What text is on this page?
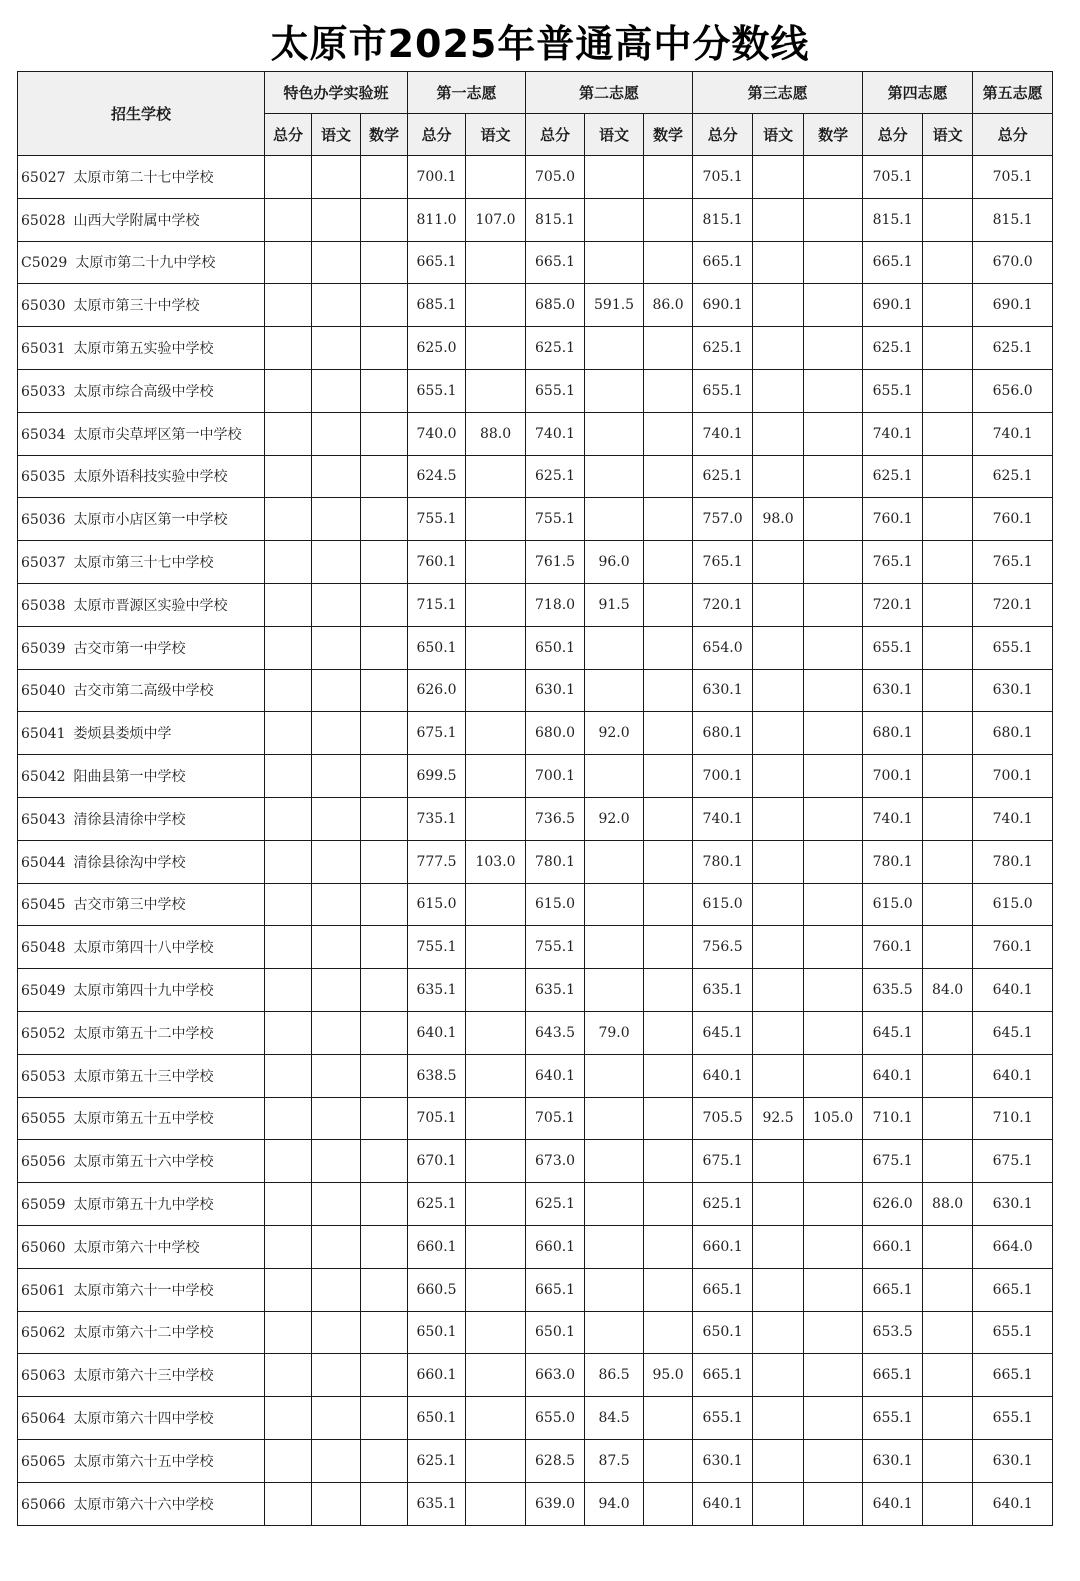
太原市2025年普通高中分数线
招生学校	特色办学实验班			第一志愿		第二志愿			第三志愿			第四志愿		第五志愿
	总分	语文	数学	总分	语文	总分	语文	数学	总分	语文	数学	总分	语文	总分
65027 太原市第二十七中学校				700.1		705.0			705.1			705.1		705.1
65028 山西大学附属中学校				811.0	107.0	815.1			815.1			815.1		815.1
C5029 太原市第二十九中学校				665.1		665.1			665.1			665.1		670.0
65030 太原市第三十中学校				685.1		685.0	591.5	86.0	690.1			690.1		690.1
65031 太原市第五实验中学校				625.0		625.1			625.1			625.1		625.1
65033 太原市综合高级中学校				655.1		655.1			655.1			655.1		656.0
65034 太原市尖草坪区第一中学校				740.0	88.0	740.1			740.1			740.1		740.1
65035 太原外语科技实验中学校				624.5		625.1			625.1			625.1		625.1
65036 太原市小店区第一中学校				755.1		755.1			757.0	98.0		760.1		760.1
65037 太原市第三十七中学校				760.1		761.5	96.0		765.1			765.1		765.1
65038 太原市晋源区实验中学校				715.1		718.0	91.5		720.1			720.1		720.1
65039 古交市第一中学校				650.1		650.1			654.0			655.1		655.1
65040 古交市第二高级中学校				626.0		630.1			630.1			630.1		630.1
65041 娄烦县娄烦中学				675.1		680.0	92.0		680.1			680.1		680.1
65042 阳曲县第一中学校				699.5		700.1			700.1			700.1		700.1
65043 清徐县清徐中学校				735.1		736.5	92.0		740.1			740.1		740.1
65044 清徐县徐沟中学校				777.5	103.0	780.1			780.1			780.1		780.1
65045 古交市第三中学校				615.0		615.0			615.0			615.0		615.0
65048 太原市第四十八中学校				755.1		755.1			756.5			760.1		760.1
65049 太原市第四十九中学校				635.1		635.1			635.1			635.5	84.0	640.1
65052 太原市第五十二中学校				640.1		643.5	79.0		645.1			645.1		645.1
65053 太原市第五十三中学校				638.5		640.1			640.1			640.1		640.1
65055 太原市第五十五中学校				705.1		705.1			705.5	92.5	105.0	710.1		710.1
65056 太原市第五十六中学校				670.1		673.0			675.1			675.1		675.1
65059 太原市第五十九中学校				625.1		625.1			625.1			626.0	88.0	630.1
65060 太原市第六十中学校				660.1		660.1			660.1			660.1		664.0
65061 太原市第六十一中学校				660.5		665.1			665.1			665.1		665.1
65062 太原市第六十二中学校				650.1		650.1			650.1			653.5		655.1
65063 太原市第六十三中学校				660.1		663.0	86.5	95.0	665.1			665.1		665.1
65064 太原市第六十四中学校				650.1		655.0	84.5		655.1			655.1		655.1
65065 太原市第六十五中学校				625.1		628.5	87.5		630.1			630.1		630.1
65066 太原市第六十六中学校				635.1		639.0	94.0		640.1			640.1		640.1
